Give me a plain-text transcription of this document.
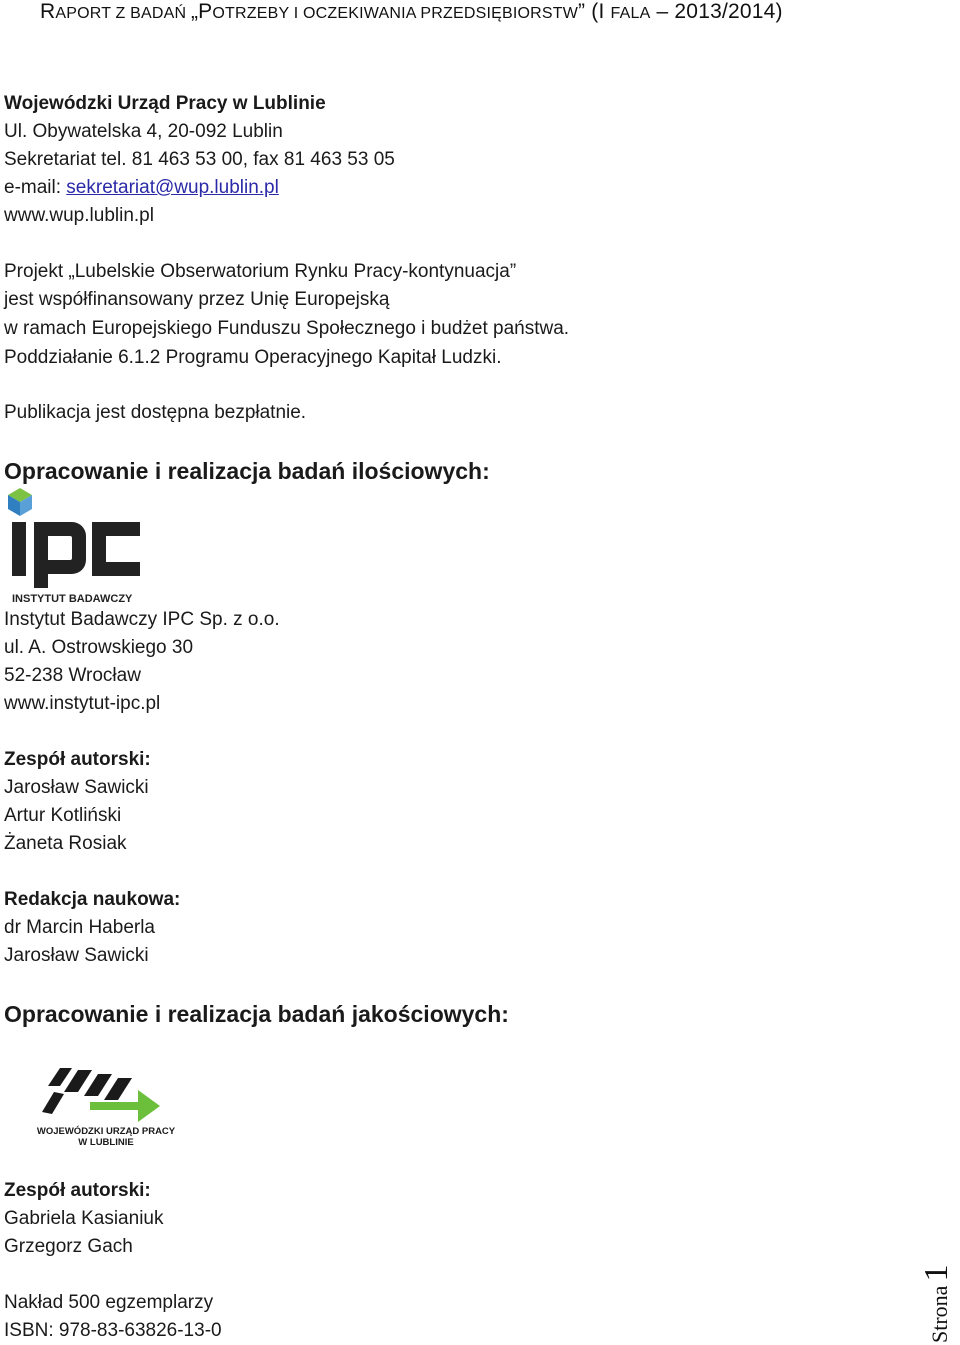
RAPORT Z BADAŃ „POTRZEBY I OCZEKIWANIA PRZEDSIĘBIORSTW” (I FALA – 2013/2014)
Wojewódzki Urząd Pracy w Lublinie
Ul. Obywatelska 4, 20-092 Lublin
Sekretariat tel. 81 463 53 00, fax 81 463 53 05
e-mail: sekretariat@wup.lublin.pl
www.wup.lublin.pl
Projekt „Lubelskie Obserwatorium Rynku Pracy-kontynuacja”
jest współfinansowany przez Unię Europejską
w ramach Europejskiego Funduszu Społecznego i budżet państwa.
Poddziałanie 6.1.2 Programu Operacyjnego Kapitał Ludzki.
Publikacja jest dostępna bezpłatnie.
Opracowanie i realizacja badań ilościowych:
INSTYTUT BADAWCZY
Instytut Badawczy IPC Sp. z o.o.
ul. A. Ostrowskiego 30
52-238 Wrocław
www.instytut-ipc.pl
Zespół autorski:
Jarosław Sawicki
Artur Kotliński
Żaneta Rosiak
Redakcja naukowa:
dr Marcin Haberla
Jarosław Sawicki
Opracowanie i realizacja badań jakościowych:
WOJEWÓDZKI URZĄD PRACY
W LUBLINIE
Zespół autorski:
Gabriela Kasianiuk
Grzegorz Gach
Nakład 500 egzemplarzy
ISBN: 978-83-63826-13-0	Strona
1
